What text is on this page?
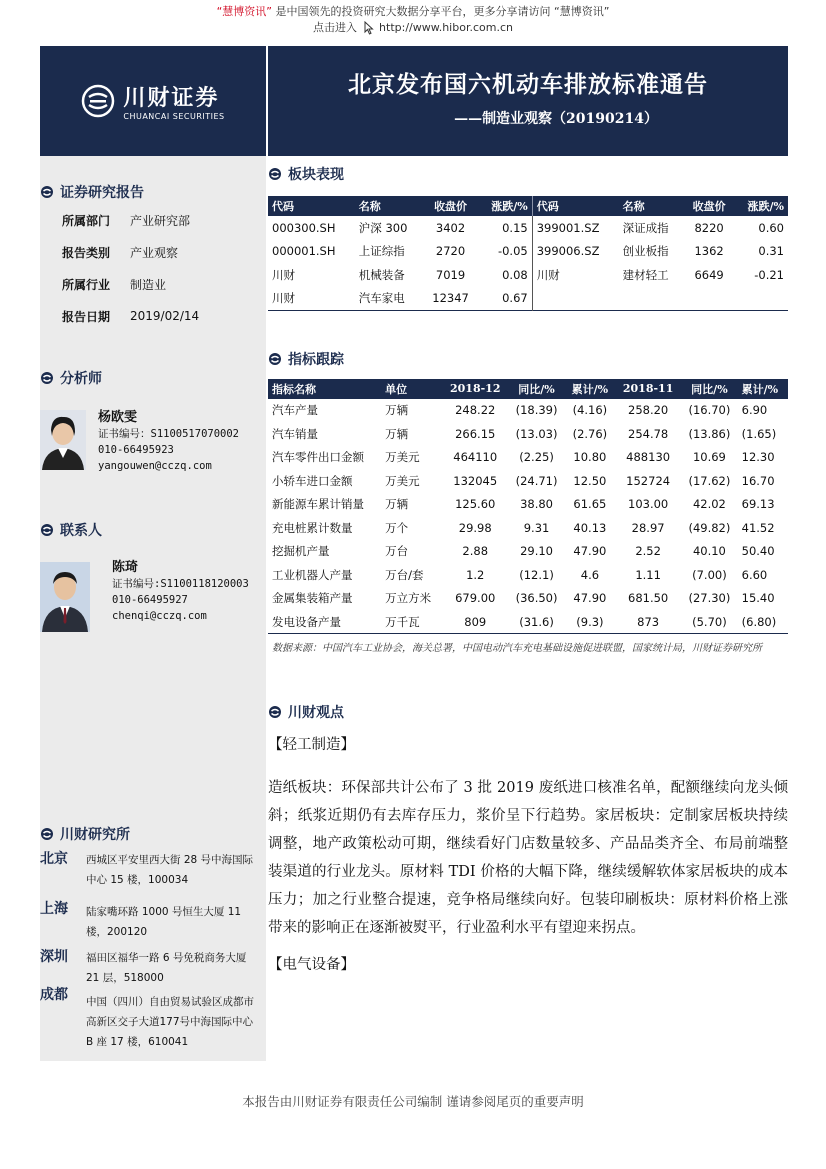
“慧博资讯” 是中国领先的投资研究大数据分享平台，更多分享请访问 “慧博资讯”
点击进入 http://www.hibor.com.cn
川财证券
CHUANCAI SECURITIES
北京发布国六机动车排放标准通告
——制造业观察（20190214）
证券研究报告
所属部门	产业研究部
报告类别	产业观察
所属行业	制造业
报告日期	2019/02/14
分析师
杨欧雯
证书编号：S1100517070002
010-66495923
yangouwen@cczq.com
联系人
陈琦
证书编号:S1100118120003
010-66495927
chenqi@cczq.com
川财研究所
北京 西城区平安里西大街 28 号中海国际中心 15 楼，100034
上海 陆家嘴环路 1000 号恒生大厦 11 楼，200120
深圳 福田区福华一路 6 号免税商务大厦 21 层，518000
成都 中国（四川）自由贸易试验区成都市高新区交子大道177号中海国际中心 B 座 17 楼，610041
板块表现
代码	名称	收盘价	涨跌/%	代码	名称	收盘价	涨跌/%
000300.SH	沪深 300	3402	0.15	399001.SZ	深证成指	8220	0.60
000001.SH	上证综指	2720	-0.05	399006.SZ	创业板指	1362	0.31
川财	机械装备	7019	0.08	川财	建材轻工	6649	-0.21
川财	汽车家电	12347	0.67				
指标跟踪
指标名称	单位	2018-12	同比/%	累计/%	2018-11	同比/%	累计/%
汽车产量	万辆	248.22	(18.39)	(4.16)	258.20	(16.70)	6.90
汽车销量	万辆	266.15	(13.03)	(2.76)	254.78	(13.86)	(1.65)
汽车零件出口金额	万美元	464110	(2.25)	10.80	488130	10.69	12.30
小轿车进口金额	万美元	132045	(24.71)	12.50	152724	(17.62)	16.70
新能源车累计销量	万辆	125.60	38.80	61.65	103.00	42.02	69.13
充电桩累计数量	万个	29.98	9.31	40.13	28.97	(49.82)	41.52
挖掘机产量	万台	2.88	29.10	47.90	2.52	40.10	50.40
工业机器人产量	万台/套	1.2	(12.1)	4.6	1.11	(7.00)	6.60
金属集装箱产量	万立方米	679.00	(36.50)	47.90	681.50	(27.30)	15.40
发电设备产量	万千瓦	809	(31.6)	(9.3)	873	(5.70)	(6.80)
数据来源：中国汽车工业协会，海关总署，中国电动汽车充电基础设施促进联盟，国家统计局，川财证券研究所
川财观点
【轻工制造】
造纸板块：环保部共计公布了 3 批 2019 废纸进口核准名单，配额继续向龙头倾斜；纸浆近期仍有去库存压力，浆价呈下行趋势。家居板块：定制家居板块持续调整，地产政策松动可期，继续看好门店数量较多、产品品类齐全、布局前端整装渠道的行业龙头。原材料 TDI 价格的大幅下降，继续缓解软体家居板块的成本压力；加之行业整合提速，竞争格局继续向好。包装印刷板块：原材料价格上涨带来的影响正在逐渐被熨平，行业盈利水平有望迎来拐点。
【电气设备】
本报告由川财证券有限责任公司编制 谨请参阅尾页的重要声明
